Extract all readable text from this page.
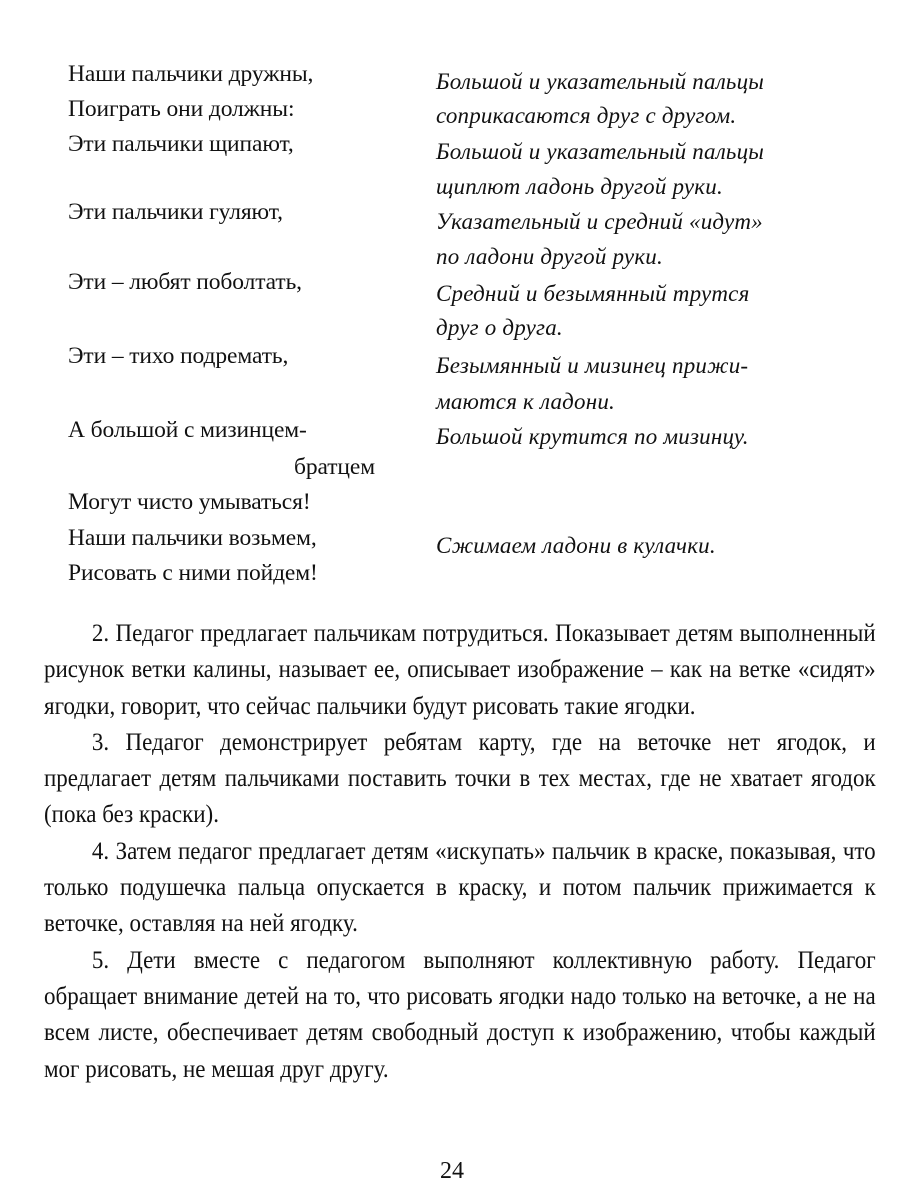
Наши пальчики дружны,
Поиграть они должны:
Эти пальчики щипают,
Эти пальчики гуляют,
Эти – любят поболтать,
Эти – тихо подремать,
А большой с мизинцем-
братцем
Могут чисто умываться!
Наши пальчики возьмем,
Рисовать с ними пойдем!
Большой и указательный пальцы
соприкасаются друг с другом.
Большой и указательный пальцы
щиплют ладонь другой руки.
Указательный и средний «идут»
по ладони другой руки.
Средний и безымянный трутся
друг о друга.
Безымянный и мизинец прижи-
маются к ладони.
Большой крутится по мизинцу.
Сжимаем ладони в кулачки.

2. Педагог предлагает пальчикам потрудиться. Показывает детям выполненный рисунок ветки калины, называет ее, описывает изображение – как на ветке «сидят» ягодки, говорит, что сейчас пальчики будут рисовать такие ягодки.

3. Педагог демонстрирует ребятам карту, где на веточке нет ягодок, и предлагает детям пальчиками поставить точки в тех местах, где не хватает ягодок (пока без краски).

4. Затем педагог предлагает детям «искупать» пальчик в краске, показывая, что только подушечка пальца опускается в краску, и потом пальчик прижимается к веточке, оставляя на ней ягодку.

5. Дети вместе с педагогом выполняют коллективную работу. Педагог обращает внимание детей на то, что рисовать ягодки надо только на веточке, а не на всем листе, обеспечивает детям свободный доступ к изображению, чтобы каждый мог рисовать, не мешая друг другу.

24
